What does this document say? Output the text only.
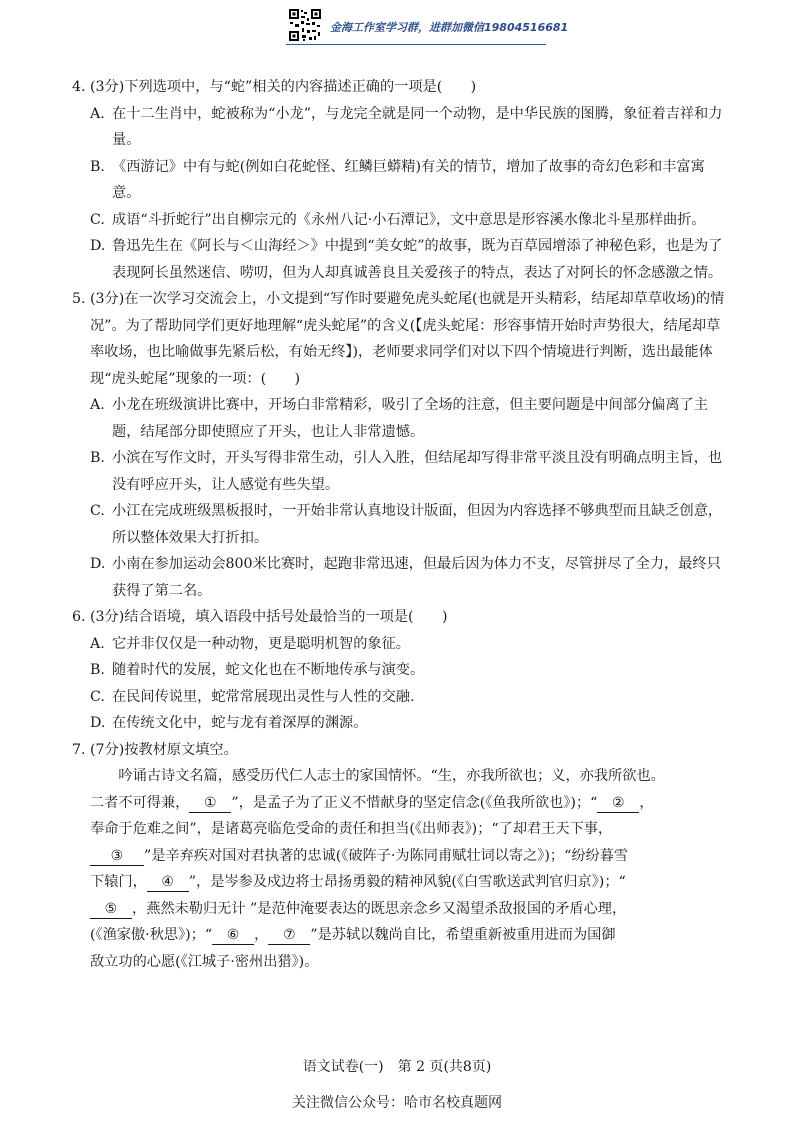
金海工作室学习群，进群加微信19804516681
4. (3分)下列选项中，与“蛇”相关的内容描述正确的一项是(　　)
A. 在十二生肖中，蛇被称为“小龙”，与龙完全就是同一个动物，是中华民族的图腾，象征着吉祥和力量。
B. 《西游记》中有与蛇(例如白花蛇怪、红鳞巨蟒精)有关的情节，增加了故事的奇幻色彩和丰富寓意。
C. 成语“斗折蛇行”出自柳宗元的《永州八记·小石潭记》，文中意思是形容溪水像北斗星那样曲折。
D. 鲁迅先生在《阿长与＜山海经＞》中提到“美女蛇”的故事，既为百草园增添了神秘色彩，也是为了表现阿长虽然迷信、唠叨，但为人却真诚善良且关爱孩子的特点，表达了对阿长的怀念感激之情。
5. (3分)在一次学习交流会上，小文提到“写作时要避免虎头蛇尾(也就是开头精彩，结尾却草草收场)的情况”。为了帮助同学们更好地理解“虎头蛇尾”的含义(【虎头蛇尾：形容事情开始时声势很大，结尾却草率收场，也比喻做事先紧后松，有始无终】)，老师要求同学们对以下四个情境进行判断，选出最能体现“虎头蛇尾”现象的一项：(　　)
A. 小龙在班级演讲比赛中，开场白非常精彩，吸引了全场的注意，但主要问题是中间部分偏离了主题，结尾部分即使照应了开头，也让人非常遗憾。
B. 小滨在写作文时，开头写得非常生动，引人入胜，但结尾却写得非常平淡且没有明确点明主旨，也没有呼应开头，让人感觉有些失望。
C. 小江在完成班级黑板报时，一开始非常认真地设计版面，但因为内容选择不够典型而且缺乏创意，所以整体效果大打折扣。
D. 小南在参加运动会800米比赛时，起跑非常迅速，但最后因为体力不支，尽管拼尽了全力，最终只获得了第二名。
6. (3分)结合语境，填入语段中括号处最恰当的一项是(　　)
A. 它并非仅仅是一种动物，更是聪明机智的象征。
B. 随着时代的发展，蛇文化也在不断地传承与演变。
C. 在民间传说里，蛇常常展现出灵性与人性的交融.
D. 在传统文化中，蛇与龙有着深厚的渊源。
7. (7分)按教材原文填空。
吟诵古诗文名篇，感受历代仁人志士的家国情怀。“生，亦我所欲也；义，亦我所欲也。
二者不可得兼， ① ”，是孟子为了正义不惜献身的坚定信念(《鱼我所欲也》)；“ ② ，
奉命于危难之间”，是诸葛亮临危受命的责任和担当(《出师表》)；“了却君王天下事，
③ ”是辛弃疾对国对君执著的忠诚(《破阵子·为陈同甫赋壮词以寄之》)；“纷纷暮雪
下辕门， ④ ”，是岑参及戍边将士昂扬勇毅的精神风貌(《白雪歌送武判官归京》)；“
⑤ ，燕然未勒归无计 ”是范仲淹要表达的既思亲念乡又渴望杀敌报国的矛盾心理，
(《渔家傲·秋思》)；“ ⑥ ， ⑦ ”是苏轼以魏尚自比，希望重新被重用进而为国御
敌立功的心愿(《江城子·密州出猎》)。
语文试卷(一)　第 2 页(共8页)
关注微信公众号：哈市名校真题网
